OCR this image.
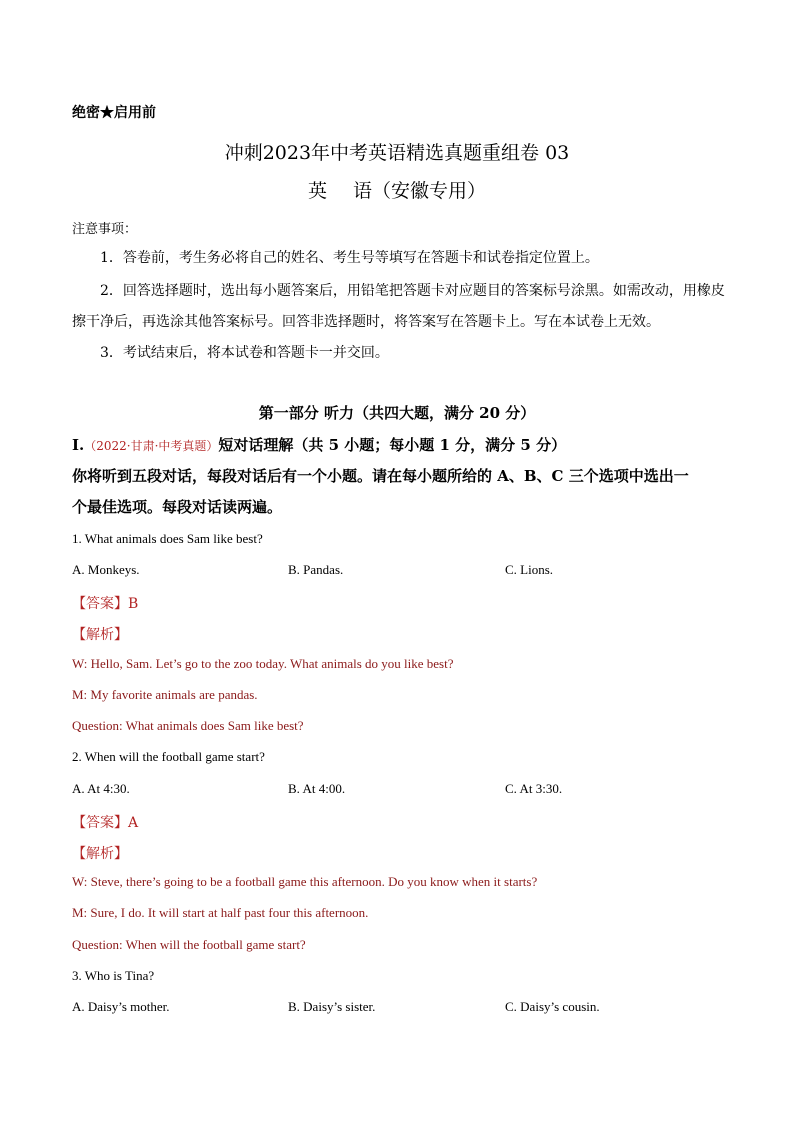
绝密★启用前
冲刺2023年中考英语精选真题重组卷 03
英 语（安徽专用）
注意事项：
1．答卷前，考生务必将自己的姓名、考生号等填写在答题卡和试卷指定位置上。
2．回答选择题时，选出每小题答案后，用铅笔把答题卡对应题目的答案标号涂黑。如需改动，用橡皮
擦干净后，再选涂其他答案标号。回答非选择题时，将答案写在答题卡上。写在本试卷上无效。
3．考试结束后，将本试卷和答题卡一并交回。
第一部分 听力（共四大题，满分 20 分）
Ⅰ.（2022·甘肃·中考真题）短对话理解（共 5 小题；每小题 1 分，满分 5 分）
你将听到五段对话，每段对话后有一个小题。请在每小题所给的 A、B、C 三个选项中选出一
个最佳选项。每段对话读两遍。
1. What animals does Sam like best?
A. Monkeys.	B. Pandas.	C. Lions.
【答案】B
【解析】
W: Hello, Sam. Let’s go to the zoo today. What animals do you like best?
M: My favorite animals are pandas.
Question: What animals does Sam like best?
2. When will the football game start?
A. At 4:30.	B. At 4:00.	C. At 3:30.
【答案】A
【解析】
W: Steve, there’s going to be a football game this afternoon. Do you know when it starts?
M: Sure, I do. It will start at half past four this afternoon.
Question: When will the football game start?
3. Who is Tina?
A. Daisy’s mother.	B. Daisy’s sister.	C. Daisy’s cousin.
